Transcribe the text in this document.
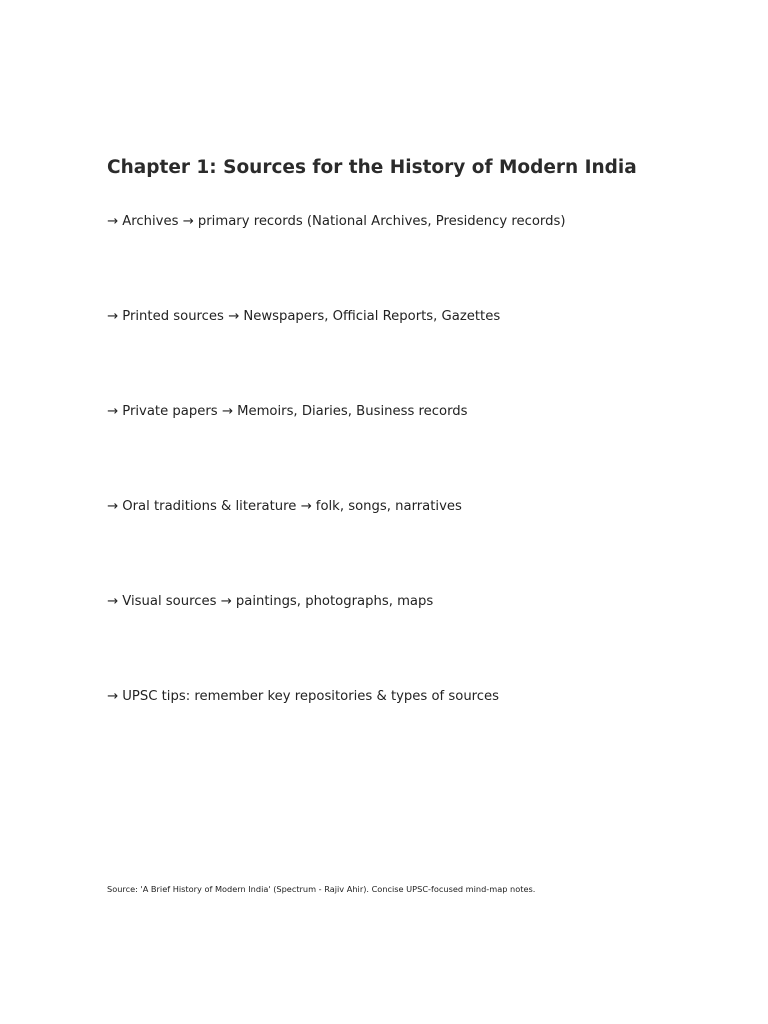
Chapter 1: Sources for the History of Modern India
→ Archives → primary records (National Archives, Presidency records)
→ Printed sources → Newspapers, Official Reports, Gazettes
→ Private papers → Memoirs, Diaries, Business records
→ Oral traditions & literature → folk, songs, narratives
→ Visual sources → paintings, photographs, maps
→ UPSC tips: remember key repositories & types of sources

Source: 'A Brief History of Modern India' (Spectrum - Rajiv Ahir). Concise UPSC-focused mind-map notes.
